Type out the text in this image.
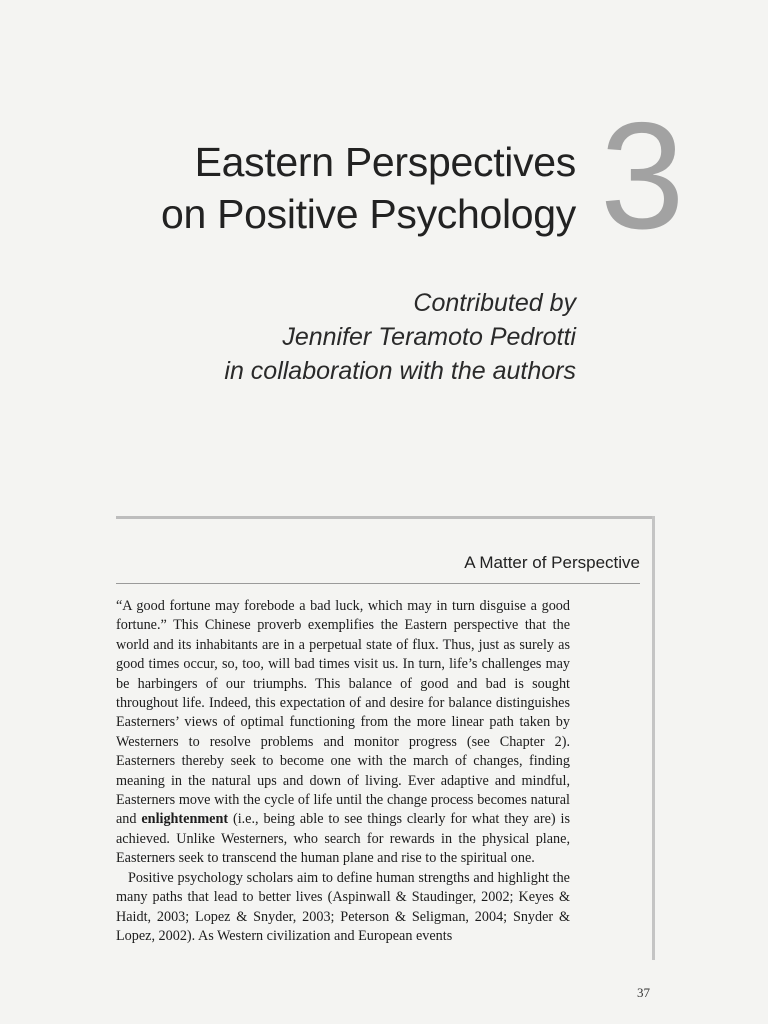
Eastern Perspectives
on Positive Psychology 3
Contributed by
Jennifer Teramoto Pedrotti
in collaboration with the authors
A Matter of Perspective

“A good fortune may forebode a bad luck, which may in turn disguise a good fortune.” This Chinese proverb exemplifies the Eastern perspective that the world and its inhabitants are in a perpetual state of flux. Thus, just as surely as good times occur, so, too, will bad times visit us. In turn, life’s challenges may be harbingers of our triumphs. This balance of good and bad is sought throughout life. Indeed, this expectation of and desire for balance distinguishes Easterners’ views of optimal functioning from the more linear path taken by Westerners to resolve problems and monitor progress (see Chapter 2). Easterners thereby seek to become one with the march of changes, finding meaning in the natural ups and down of living. Ever adaptive and mindful, Easterners move with the cycle of life until the change process becomes natural and enlightenment (i.e., being able to see things clearly for what they are) is achieved. Unlike Westerners, who search for rewards in the physical plane, Easterners seek to transcend the human plane and rise to the spiritual one.

Positive psychology scholars aim to define human strengths and highlight the many paths that lead to better lives (Aspinwall & Staudinger, 2002; Keyes & Haidt, 2003; Lopez & Snyder, 2003; Peterson & Seligman, 2004; Snyder & Lopez, 2002). As Western civilization and European events

37
